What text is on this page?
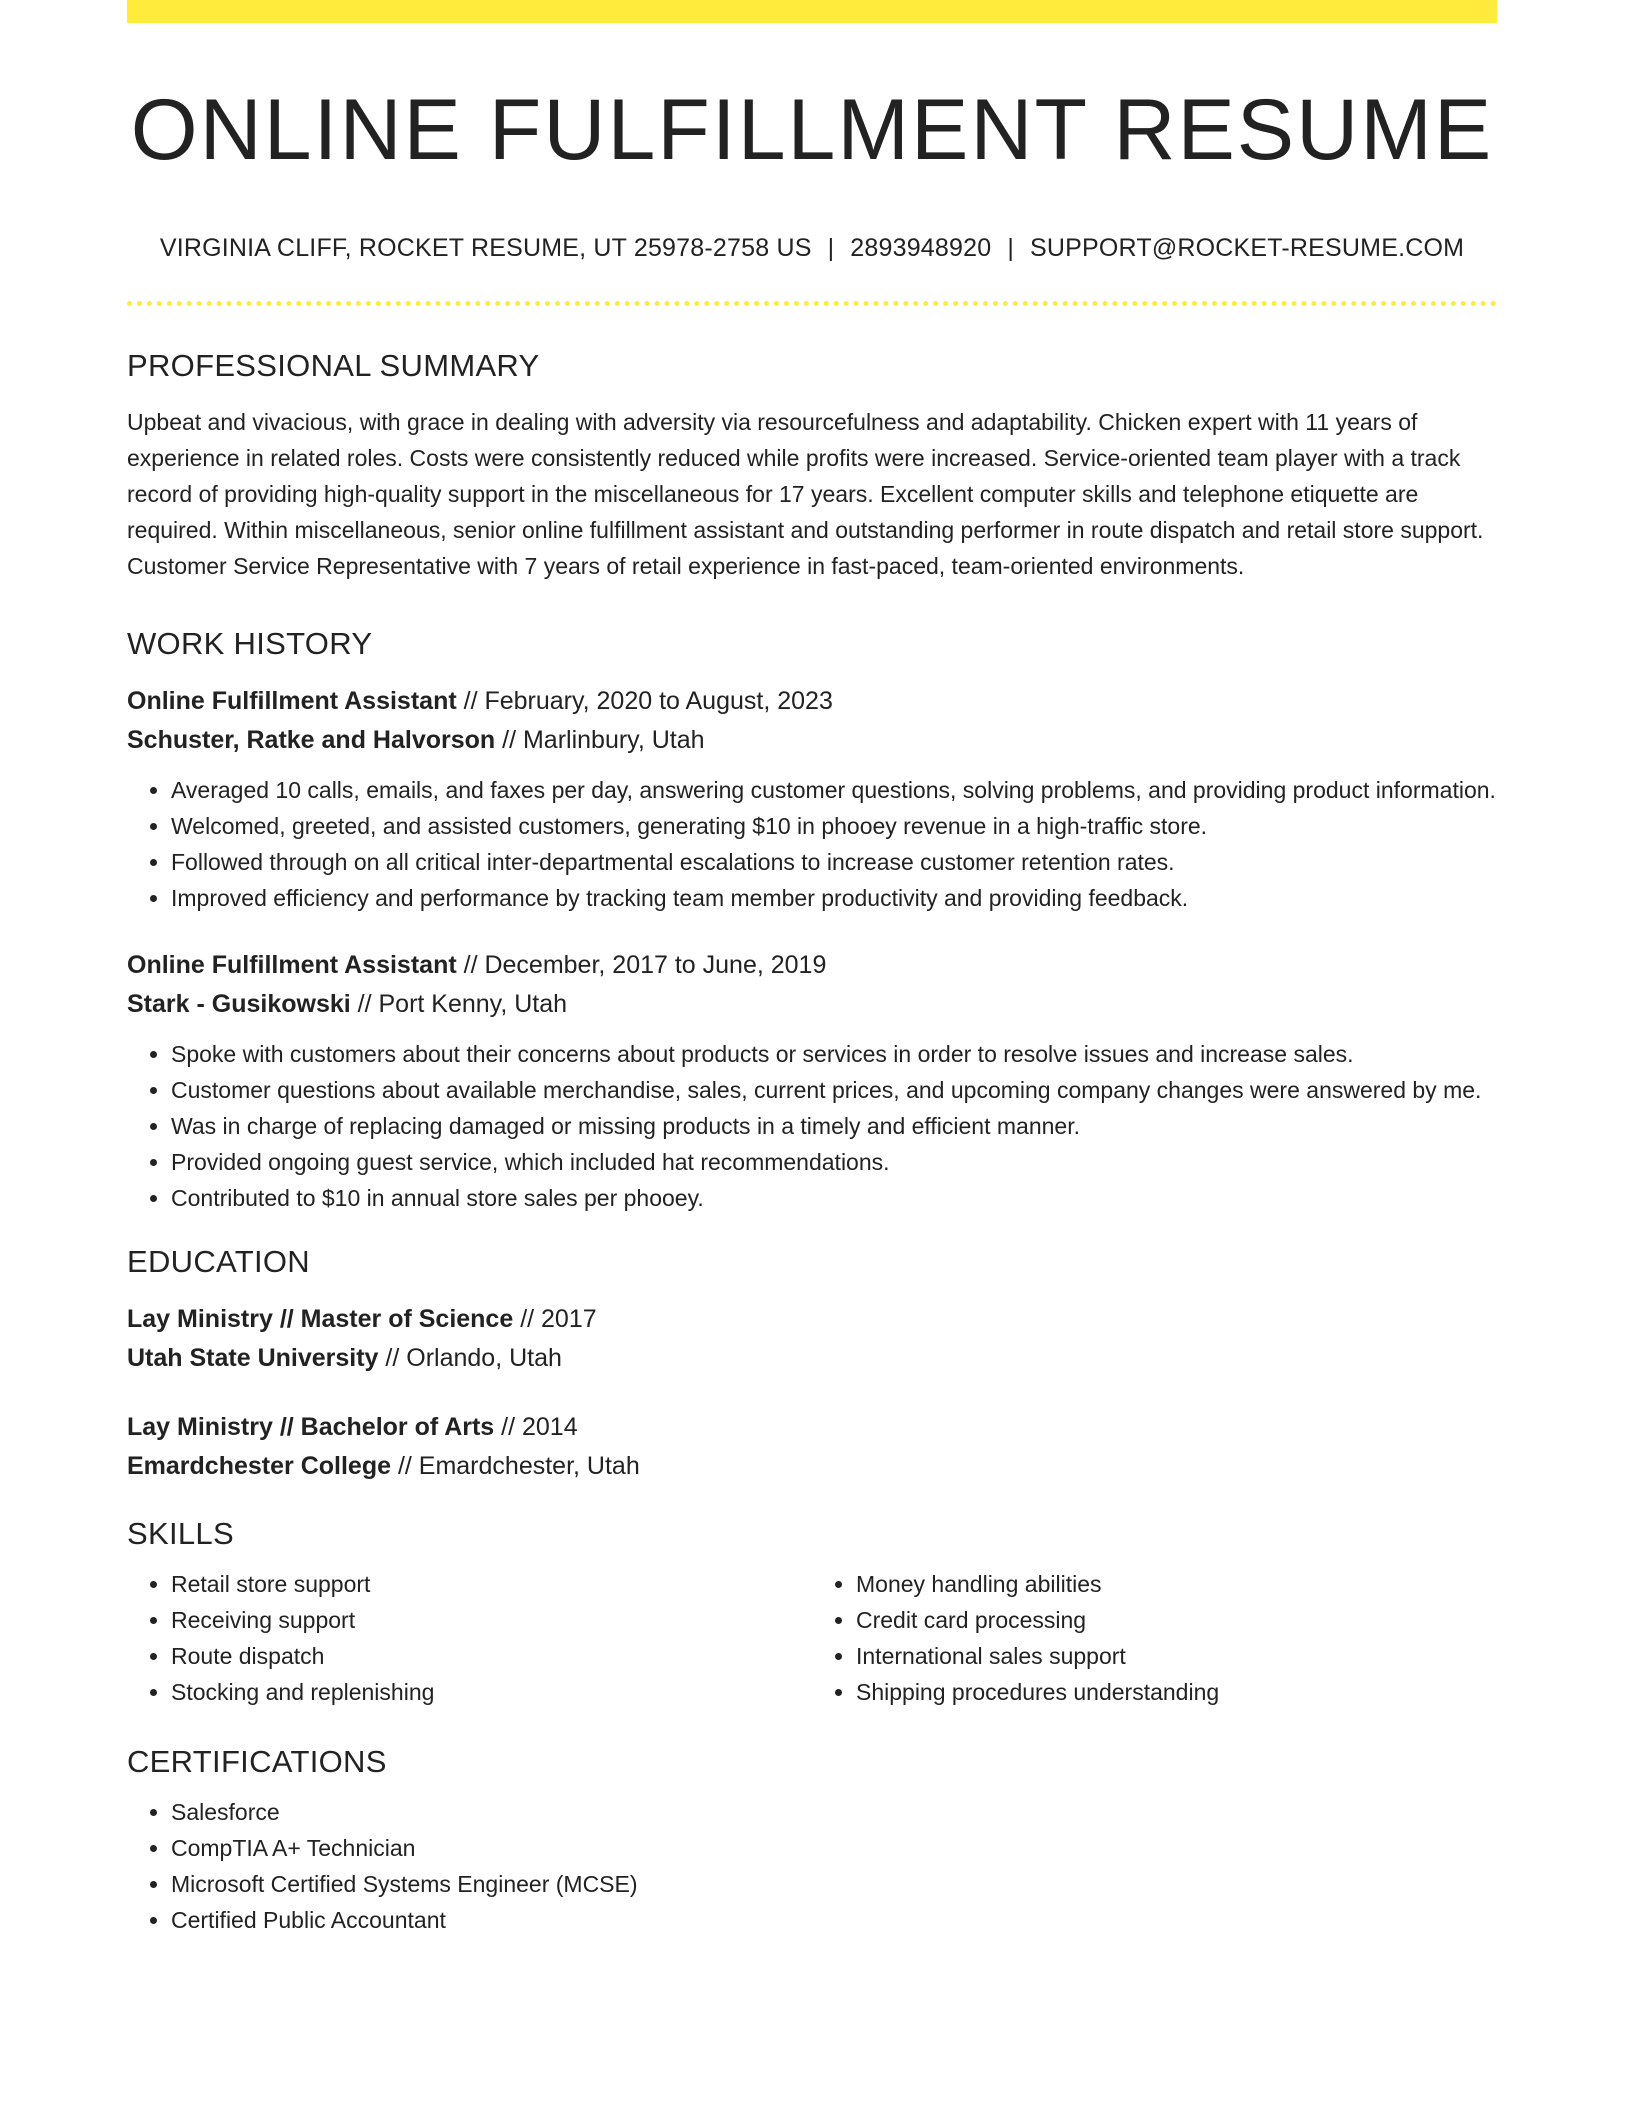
ONLINE FULFILLMENT RESUME
VIRGINIA CLIFF, ROCKET RESUME, UT 25978-2758 US | 2893948920 | SUPPORT@ROCKET-RESUME.COM
PROFESSIONAL SUMMARY

Upbeat and vivacious, with grace in dealing with adversity via resourcefulness and adaptability. Chicken expert with 11 years of experience in related roles. Costs were consistently reduced while profits were increased. Service-oriented team player with a track record of providing high-quality support in the miscellaneous for 17 years. Excellent computer skills and telephone etiquette are required. Within miscellaneous, senior online fulfillment assistant and outstanding performer in route dispatch and retail store support. Customer Service Representative with 7 years of retail experience in fast-paced, team-oriented environments.

WORK HISTORY
Online Fulfillment Assistant // February, 2020 to August, 2023
Schuster, Ratke and Halvorson // Marlinbury, Utah
• Averaged 10 calls, emails, and faxes per day, answering customer questions, solving problems, and providing product information.
• Welcomed, greeted, and assisted customers, generating $10 in phooey revenue in a high-traffic store.
• Followed through on all critical inter-departmental escalations to increase customer retention rates.
• Improved efficiency and performance by tracking team member productivity and providing feedback.
Online Fulfillment Assistant // December, 2017 to June, 2019
Stark - Gusikowski // Port Kenny, Utah
• Spoke with customers about their concerns about products or services in order to resolve issues and increase sales.
• Customer questions about available merchandise, sales, current prices, and upcoming company changes were answered by me.
• Was in charge of replacing damaged or missing products in a timely and efficient manner.
• Provided ongoing guest service, which included hat recommendations.
• Contributed to $10 in annual store sales per phooey.
EDUCATION
Lay Ministry // Master of Science // 2017
Utah State University // Orlando, Utah
Lay Ministry // Bachelor of Arts // 2014
Emardchester College // Emardchester, Utah
SKILLS
• Retail store support
• Receiving support
• Route dispatch
• Stocking and replenishing
• Money handling abilities
• Credit card processing
• International sales support
• Shipping procedures understanding
CERTIFICATIONS
• Salesforce
• CompTIA A+ Technician
• Microsoft Certified Systems Engineer (MCSE)
• Certified Public Accountant
